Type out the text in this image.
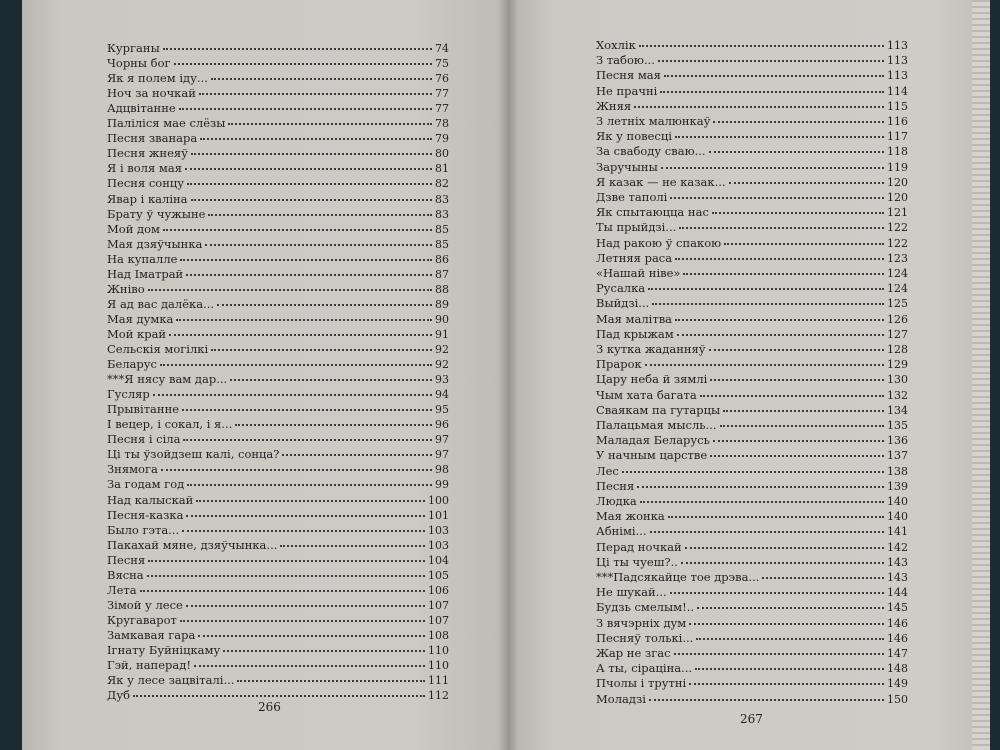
Курганы	74
Чорны бог	75
Як я полем іду...	76
Ноч за ночкай	77
Адцвітанне	77
Паліліся мае слёзы	78
Песня званара	79
Песня жнеяў	80
Я і воля мая	81
Песня сонцу	82
Явар і каліна	83
Брату ў чужыне	83
Мой дом	85
Мая дзяўчынка	85
На купалле	86
Над Іматрай	87
Жніво	88
Я ад вас далёка...	89
Мая думка	90
Мой край	91
Сельскія могілкі	92
Беларус	92
***Я нясу вам дар...	93
Гусляр	94
Прывітанне	95
І вецер, і сокал, і я...	96
Песня і сіла	97
Ці ты ўзойдзеш калі, сонца?	97
Знямога	98
За годам год	99
Над калыскай	100
Песня-казка	101
Было гэта...	103
Пакахай мяне, дзяўчынка...	103
Песня	104
Вясна	105
Лета	106
Зімой у лесе	107
Кругаварот	107
Замкавая гара	108
Ігнату Буйніцкаму	110
Гэй, наперад!	110
Як у лесе зацвіталі...	111
Дуб	112
266
Хохлік	113
З табою...	113
Песня мая	113
Не прачні	114
Жняя	115
З летніх малюнкаў	116
Як у повесці	117
За свабоду сваю...	118
Заручыны	119
Я казак — не казак...	120
Дзве таполі	120
Як спытаюцца нас	121
Ты прыйдзі...	122
Над ракою ў спакою	122
Летняя раса	123
«Нашай ніве»	124
Русалка	124
Выйдзі...	125
Мая малітва	126
Пад крыжам	127
З кутка жаданняў	128
Прарок	129
Цару неба й зямлі	130
Чым хата багата	132
Сваякам па гутарцы	134
Палацьмая мысль...	135
Маладая Беларусь	136
У начным царстве	137
Лес	138
Песня	139
Людка	140
Мая жонка	140
Абнімі...	141
Перад ночкай	142
Ці ты чуеш?..	143
***Падсякайце тое дрэва...	143
Не шукай...	144
Будзь смелым!..	145
З вячэрніх дум	146
Песняў толькі...	146
Жар не згас	147
А ты, сірацiна...	148
Пчолы і трутні	149
Моладзі	150
267
